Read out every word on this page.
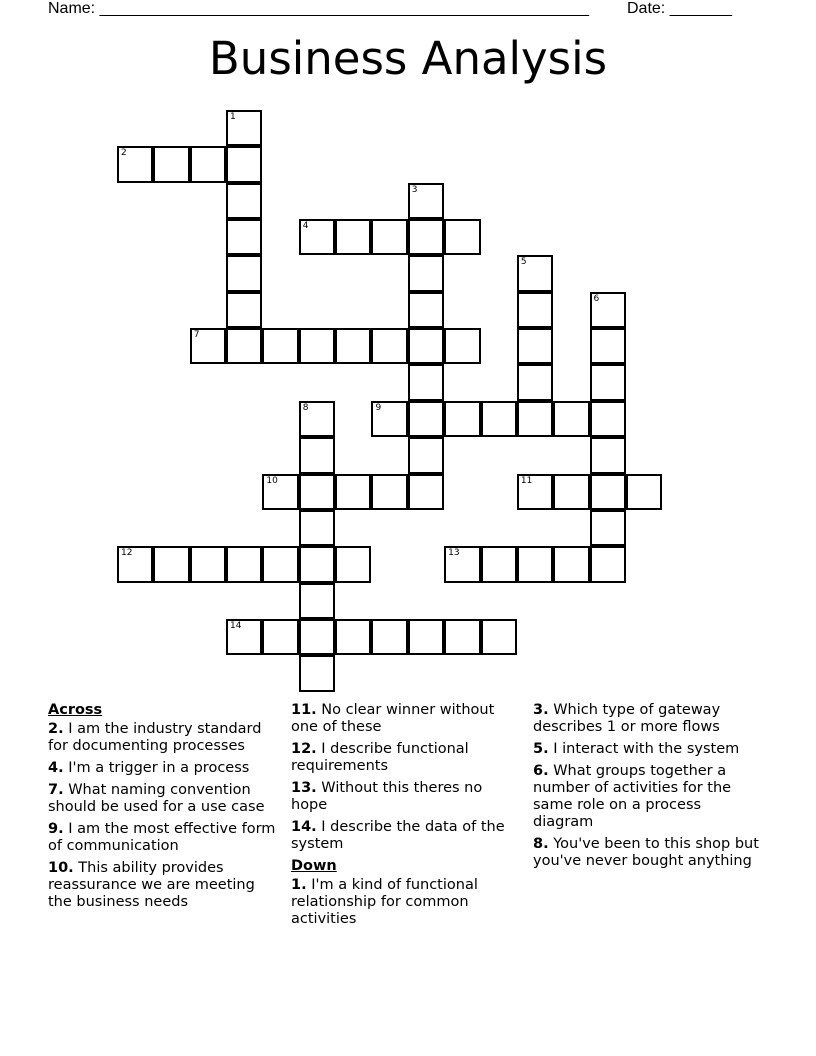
Name: _______________________________________________________ Date: _______
Business Analysis
1
2
3
4
5
6
7
8	9
10	11
12	13
14
Across
2. I am the industry standard for documenting processes
4. I'm a trigger in a process
7. What naming convention should be used for a use case
9. I am the most effective form of communication
10. This ability provides reassurance we are meeting the business needs
11. No clear winner without one of these
12. I describe functional requirements
13. Without this theres no hope
14. I describe the data of the system
Down
1. I'm a kind of functional relationship for common activities
3. Which type of gateway describes 1 or more flows
5. I interact with the system
6. What groups together a number of activities for the same role on a process diagram
8. You've been to this shop but you've never bought anything
